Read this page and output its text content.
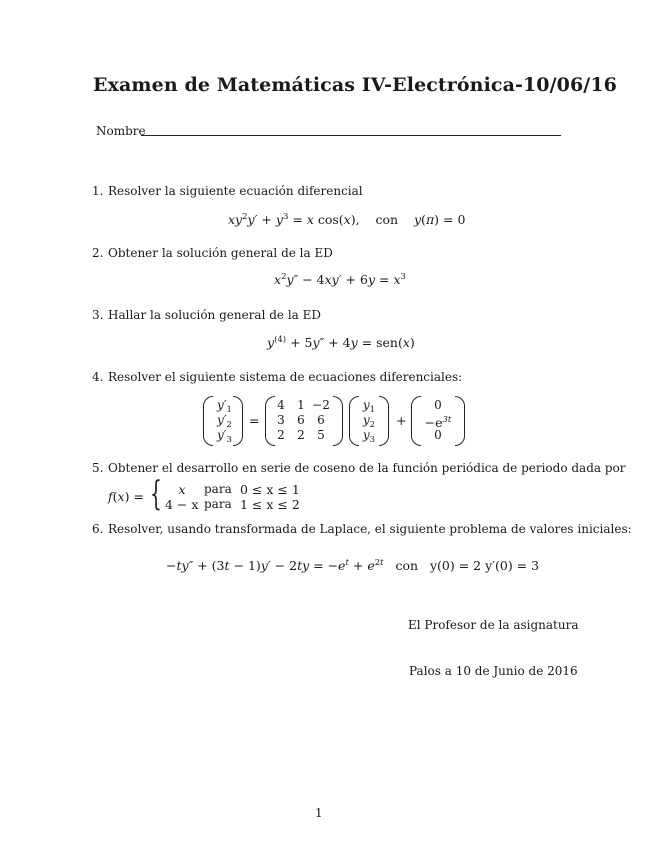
Examen de Matemáticas IV-Electrónica-10/06/16
Nombre
1. Resolver la siguiente ecuación diferencial
$xy^2y' + y^3 = x$ cos(x), con    y(π) = 0
2. Obtener la solución general de la ED
$x^2y'' - 4xy' + 6y = x^3$
3. Hallar la solución general de la ED
$y^{(4)} + 5y'' + 4y = sen(x)$
4. Resolver el siguiente sistema de ecuaciones diferenciales:
$y'_1$
$y'_2$
$y'_3$
=
4	1 −2
3	6	6
2	2	5
$y_1$
$y_2$
$y_3$
+
0
$-e^{3t}$
0
5. Obtener el desarrollo en serie de coseno de la función periódica de periodo dada por
f(x) = { x para 0 ≤ x ≤ 1
4 − x para 1 ≤ x ≤ 2
6. Resolver, usando transformada de Laplace, el siguiente problema de valores iniciales:
$-ty'' + (3t - 1)y' - 2ty = -e^t + e^{2t}$ con y(0) = 2 y′(0) = 3
El Profesor de la asignatura
Palos a 10 de Junio de 2016
1
